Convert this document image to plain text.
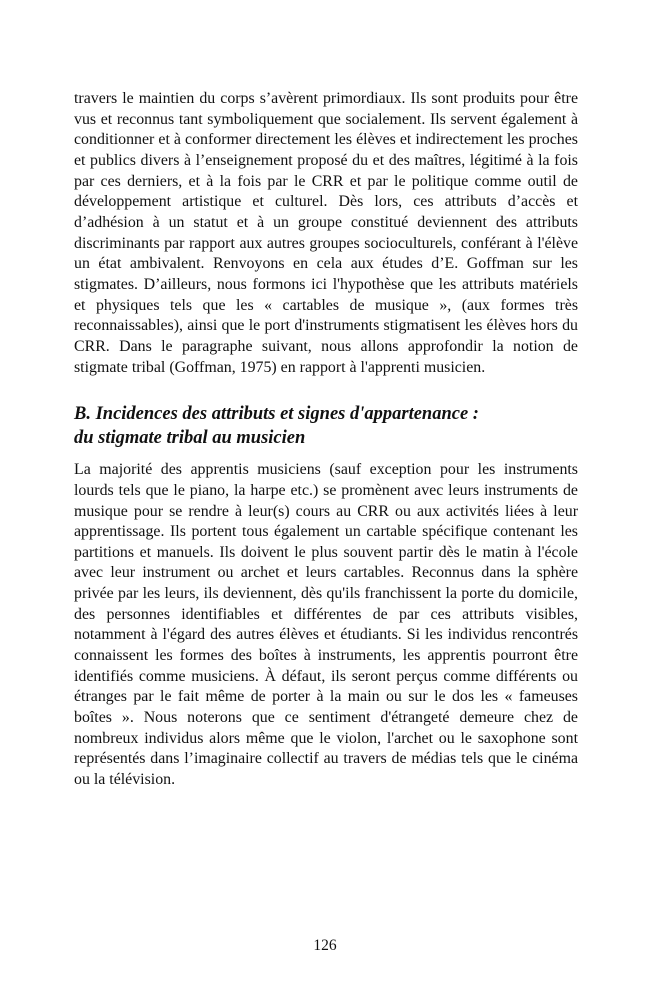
travers le maintien du corps s’avèrent primordiaux. Ils sont produits pour être vus et reconnus tant symboliquement que socialement. Ils servent également à conditionner et à conformer directement les élèves et indirectement les proches et publics divers à l’enseignement proposé du et des maîtres, légitimé à la fois par ces derniers, et à la fois par le CRR et par le politique comme outil de développement artistique et culturel. Dès lors, ces attributs d’accès et d’adhésion à un statut et à un groupe constitué deviennent des attributs discriminants par rapport aux autres groupes socioculturels, conférant à l'élève un état ambivalent. Renvoyons en cela aux études d’E. Goffman sur les stigmates. D’ailleurs, nous formons ici l'hypothèse que les attributs matériels et physiques tels que les « cartables de musique », (aux formes très reconnaissables), ainsi que le port d'instruments stigmatisent les élèves hors du CRR. Dans le paragraphe suivant, nous allons approfondir la notion de stigmate tribal (Goffman, 1975) en rapport à l'apprenti musicien.

B. Incidences des attributs et signes d'appartenance :
du stigmate tribal au musicien

La majorité des apprentis musiciens (sauf exception pour les instruments lourds tels que le piano, la harpe etc.) se promènent avec leurs instruments de musique pour se rendre à leur(s) cours au CRR ou aux activités liées à leur apprentissage. Ils portent tous également un cartable spécifique contenant les partitions et manuels. Ils doivent le plus souvent partir dès le matin à l'école avec leur instrument ou archet et leurs cartables. Reconnus dans la sphère privée par les leurs, ils deviennent, dès qu'ils franchissent la porte du domicile, des personnes identifiables et différentes de par ces attributs visibles, notamment à l'égard des autres élèves et étudiants. Si les individus rencontrés connaissent les formes des boîtes à instruments, les apprentis pourront être identifiés comme musiciens. À défaut, ils seront perçus comme différents ou étranges par le fait même de porter à la main ou sur le dos les « fameuses boîtes ». Nous noterons que ce sentiment d'étrangeté demeure chez de nombreux individus alors même que le violon, l'archet ou le saxophone sont représentés dans l’imaginaire collectif au travers de médias tels que le cinéma ou la télévision.

126
